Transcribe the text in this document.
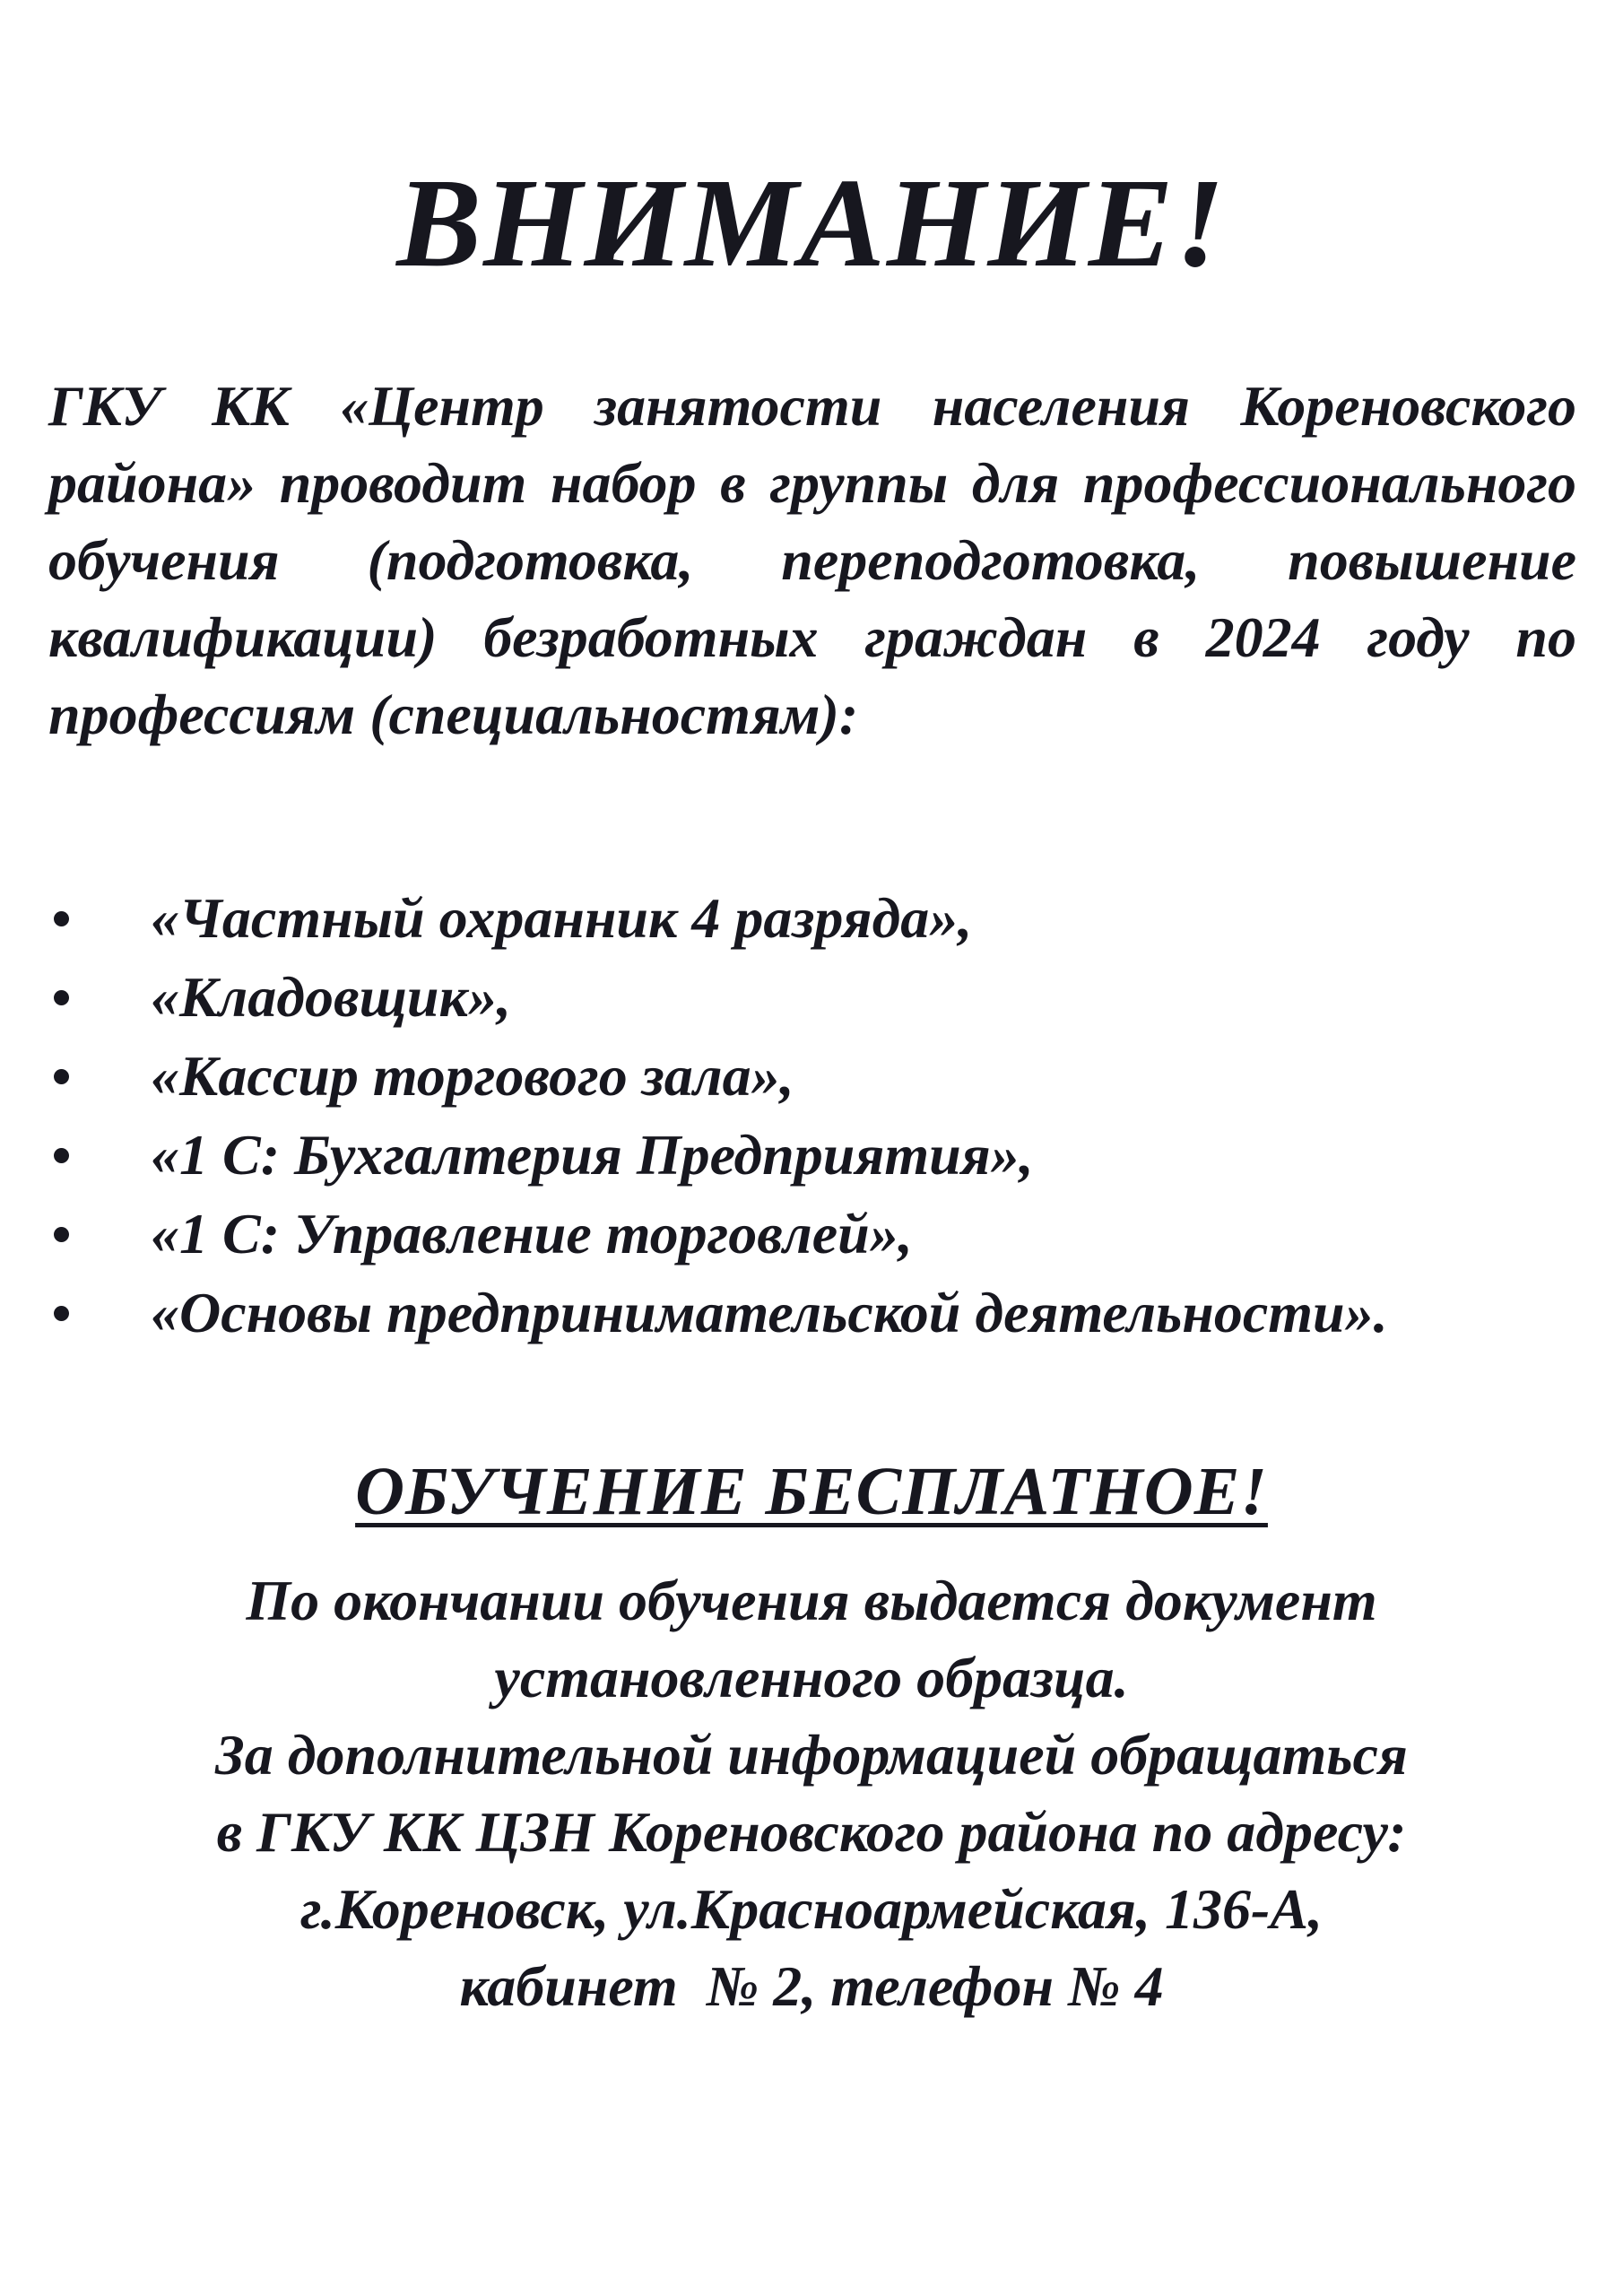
ВНИМАНИЕ!
ГКУ КК «Центр занятости населения Кореновского района» проводит набор в группы для профессионального обучения (подготовка, переподготовка, повышение квалификации) безработных граждан в 2024 году по профессиям (специальностям):
«Частный охранник 4 разряда»,
«Кладовщик»,
«Кассир торгового зала»,
«1 С: Бухгалтерия Предприятия»,
«1 С: Управление торговлей»,
«Основы предпринимательской деятельности».
ОБУЧЕНИЕ БЕСПЛАТНОЕ!
По окончании обучения выдается документ
установленного образца.
За дополнительной информацией обращаться
в ГКУ КК ЦЗН Кореновского района по адресу:
г.Кореновск, ул.Красноармейская, 136-А,
кабинет  № 2, телефон № 4
